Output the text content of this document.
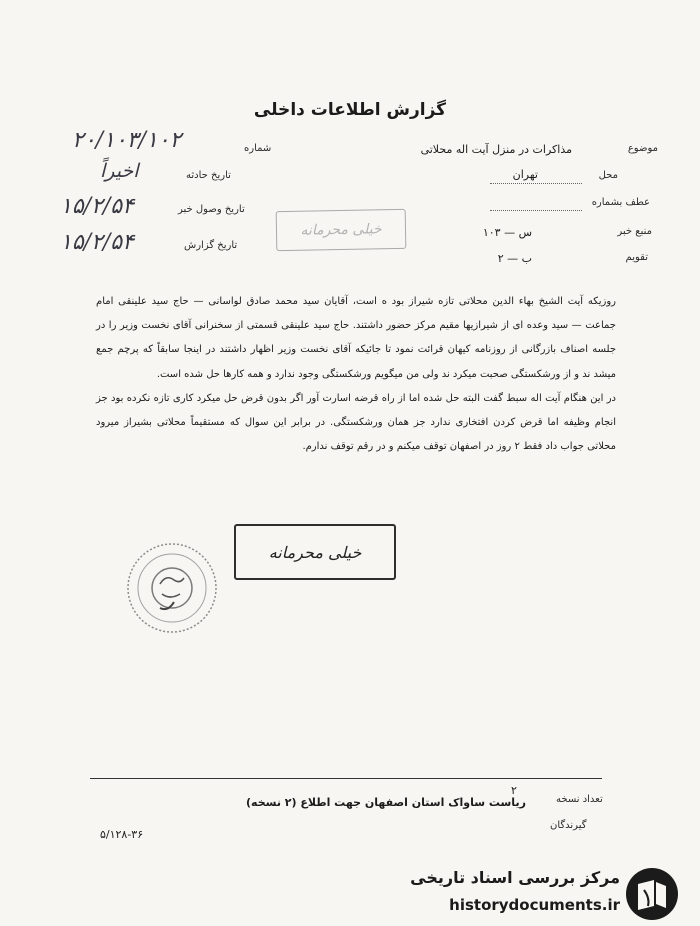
گزارش اطلاعات داخلی
موضوع
مذاکرات در منزل آیت اله محلاتی
محل
تهران
عطف بشماره
منبع خبر
س — ۱۰۳
تقویم
ب — ۲
خیلی محرمانه
شماره
۲۰/۱۰۳/۱۰۲
تاریخ حادثه
اخیراً
تاریخ وصول خبر
۱۵/۲/۵۴
تاریخ گزارش
۱۵/۲/۵۴

روزیکه آیت الشیخ بهاء الدین محلاتی تازه شیراز بود ه است، آقایان سید محمد صادق لواسانی — حاج سید علینقی امام جماعت — سید وعده ای از شیرازیها مقیم مرکز حضور داشتند. حاج سید علینقی قسمتی از سخنرانی آقای نخست وزیر را در جلسه اصناف بازرگانی از روزنامه کیهان قرائت نمود تا جائیکه آقای نخست وزیر اظهار داشتند در اینجا سابقاً که پرچم جمع میشد ند و از ورشکستگی صحبت میکرد ند ولی من میگویم ورشکستگی وجود ندارد و همه کارها حل شده است.

در این هنگام آیت اله سبط گفت البته حل شده اما از راه قرضه اسارت آور اگر بدون قرض حل میکرد کاری تازه نکرده بود جز انجام وظیفه اما قرض کردن افتخاری ندارد جز همان ورشکستگی. در برابر این سوال که مستقیماً محلاتی بشیراز میرود محلاتی جواب داد فقط ۲ روز در اصفهان توقف میکنم و در رقم توقف ندارم.

خیلی محرمانه
تعداد نسخه
۲
ریاست ساواک استان اصفهان جهت اطلاع (۲ نسخه)
گیرندگان
۵/۱۲۸-۳۶
مرکز بررسی اسناد تاریخی
historydocuments.ir
